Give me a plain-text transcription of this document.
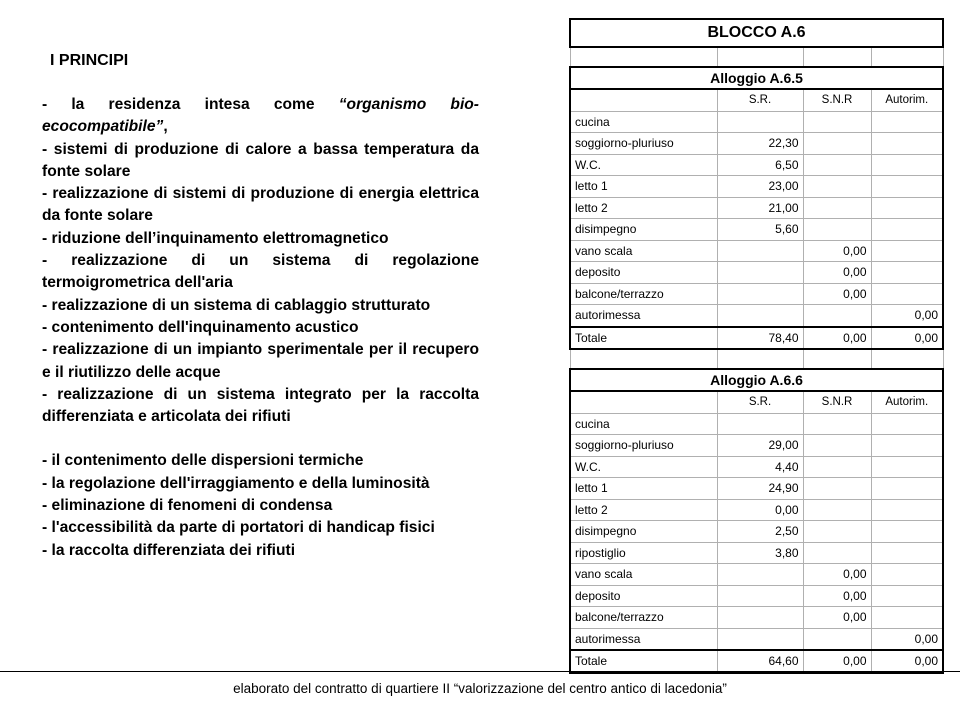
I PRINCIPI

- la residenza intesa come “organismo bio-ecocompatibile”,

- sistemi di produzione di calore a bassa temperatura da fonte solare

- realizzazione di sistemi di produzione di energia elettrica da fonte solare

- riduzione dell’inquinamento elettromagnetico

- realizzazione di un sistema di regolazione termoigrometrica dell'aria

- realizzazione di un sistema di cablaggio strutturato

- contenimento dell'inquinamento acustico

- realizzazione di un impianto sperimentale per il recupero e il riutilizzo delle acque

- realizzazione di un sistema integrato per la raccolta differenziata e articolata dei rifiuti

- il contenimento delle dispersioni termiche

- la regolazione dell'irraggiamento e della luminosità

- eliminazione di fenomeni di condensa

- l'accessibilità da parte di portatori di handicap fisici

- la raccolta differenziata dei rifiuti

BLOCCO A.6			

Alloggio A.6.5			
	S.R.	S.N.R	Autorim.
cucina			
soggiorno-pluriuso	22,30		
W.C.	6,50		
letto 1	23,00		
letto 2	21,00		
disimpegno	5,60		
vano scala		0,00	
deposito		0,00	
balcone/terrazzo		0,00	
autorimessa			0,00
Totale	78,40	0,00	0,00

Alloggio A.6.6			
	S.R.	S.N.R	Autorim.
cucina			
soggiorno-pluriuso	29,00		
W.C.	4,40		
letto 1	24,90		
letto 2	0,00		
disimpegno	2,50		
ripostiglio	3,80		
vano scala		0,00	
deposito		0,00	
balcone/terrazzo		0,00	
autorimessa			0,00
Totale	64,60	0,00	0,00
elaborato del contratto di quartiere II “valorizzazione del centro antico di lacedonia”
